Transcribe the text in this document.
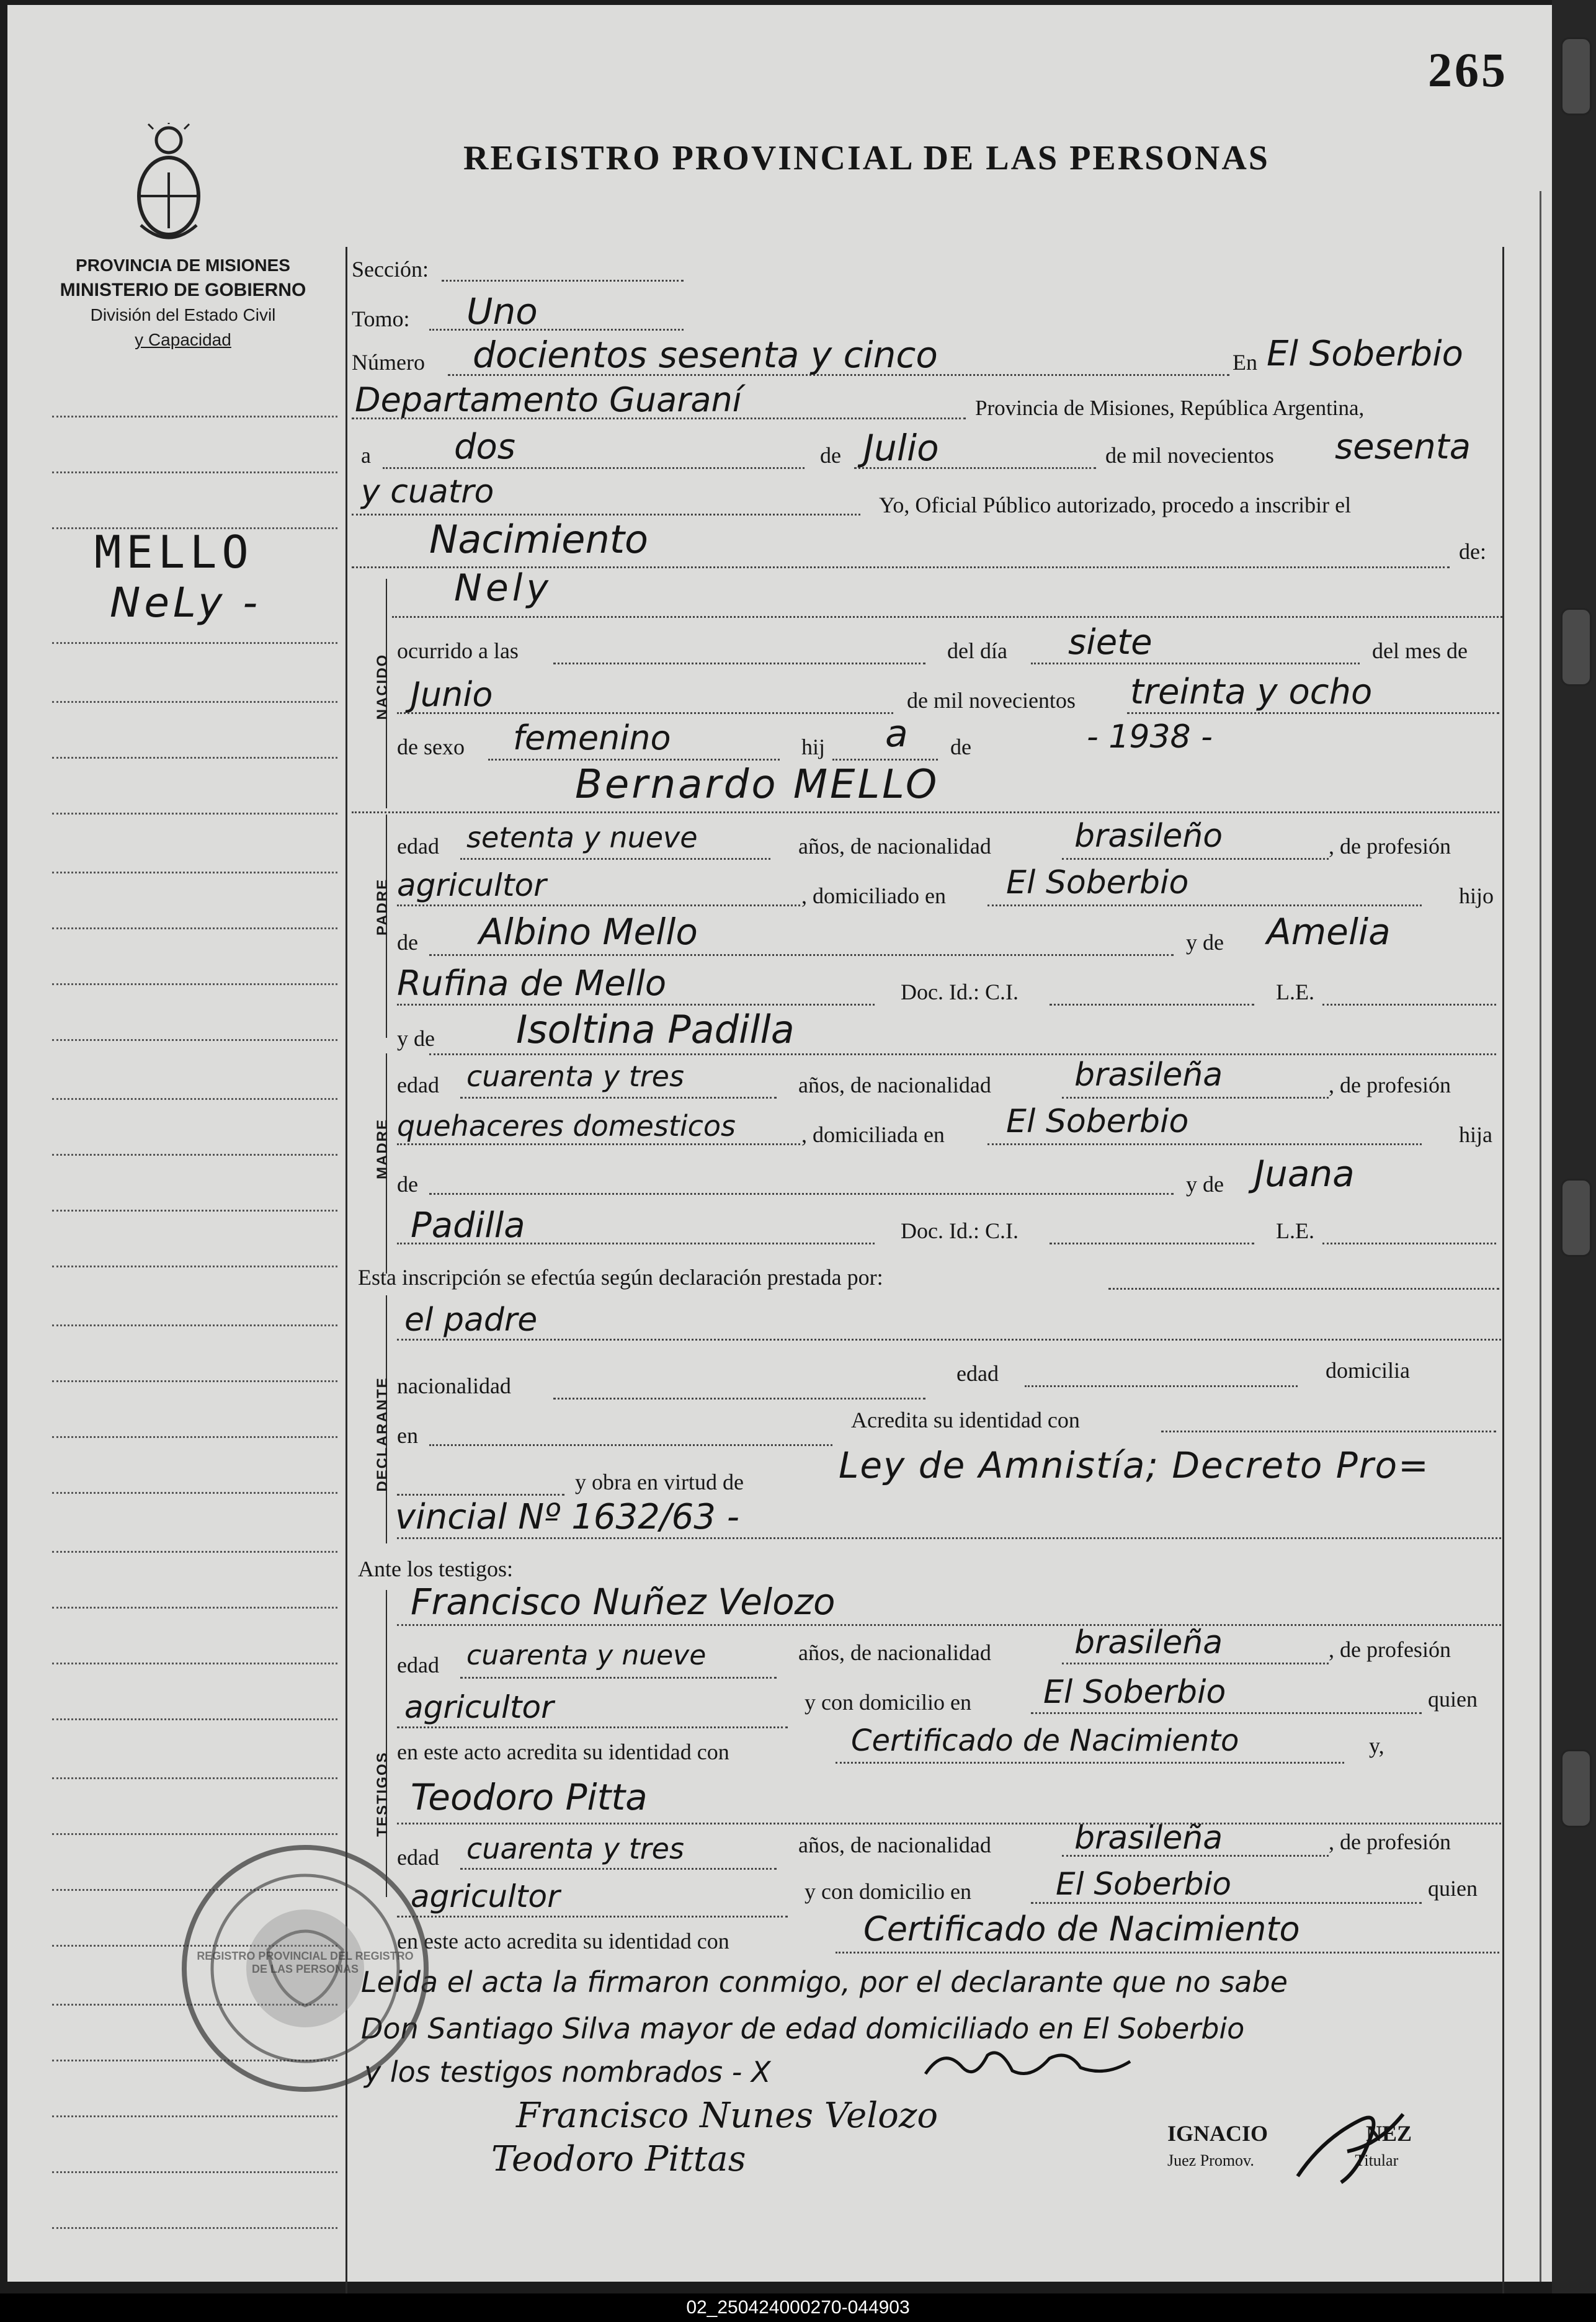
265
PROVINCIA DE MISIONES
MINISTERIO DE GOBIERNO
División del Estado Civil
y Capacidad
REGISTRO PROVINCIAL DE LAS PERSONAS
MELLO
NeLy -
Sección:
Tomo: Uno
Número docientos sesenta y cinco	En El Soberbio
Departamento Guaraní	Provincia de Misiones, República Argentina,
a dos	de Julio	de mil novecientos sesenta
y cuatro	Yo, Oficial Público autorizado, procedo a inscribir el
Nacimiento	de:
NACIDO
Nely
ocurrido a las	del día siete	del mes de
Junio	de mil novecientos treinta y ocho
de sexo femenino	hij a de	- 1938 -
Bernardo MELLO
PADRE
edad setenta y nueve	años, de nacionalidad	brasileño	, de profesión
agricultor	, domiciliado en El Soberbio	hijo
de Albino Mello	y de Amelia
Rufina de Mello	Doc. Id.: C.I.	L.E.
y de Isoltina Padilla
MADRE
edad cuarenta y tres	años, de nacionalidad	brasileña	, de profesión
quehaceres domesticos	, domiciliada en El Soberbio	hija
de	y de Juana
Padilla	Doc. Id.: C.I.	L.E.
Esta inscripción se efectúa según declaración prestada por:
DECLARANTE
el padre
nacionalidad	edad	domicilia
en
Acredita su identidad con
y obra en virtud de	Ley de Amnistía; Decreto Pro=
vincial Nº 1632/63 -
Ante los testigos:
TESTIGOS
Francisco Nuñez Velozo
edad cuarenta y nueve	años, de nacionalidad	brasileña	, de profesión
agricultor	y con domicilio en El Soberbio	quien
en este acto acredita su identidad con	Certificado de Nacimiento	y,
Teodoro Pitta
edad cuarenta y tres	años, de nacionalidad	brasileña	, de profesión
agricultor	y con domicilio en	El Soberbio	quien
en este acto acredita su identidad con	Certificado de Nacimiento
Leida el acta la firmaron conmigo, por el declarante que no sabe
Don Santiago Silva mayor de edad domiciliado en El Soberbio
y los testigos nombrados - X
Francisco Nunes Velozo
Teodoro Pittas
IGNACIO	NEZ
Juez Promov.	Titular
REGISTRO PROVINCIAL DEL REGISTRO DE LAS PERSONAS
02_250424000270-044903
